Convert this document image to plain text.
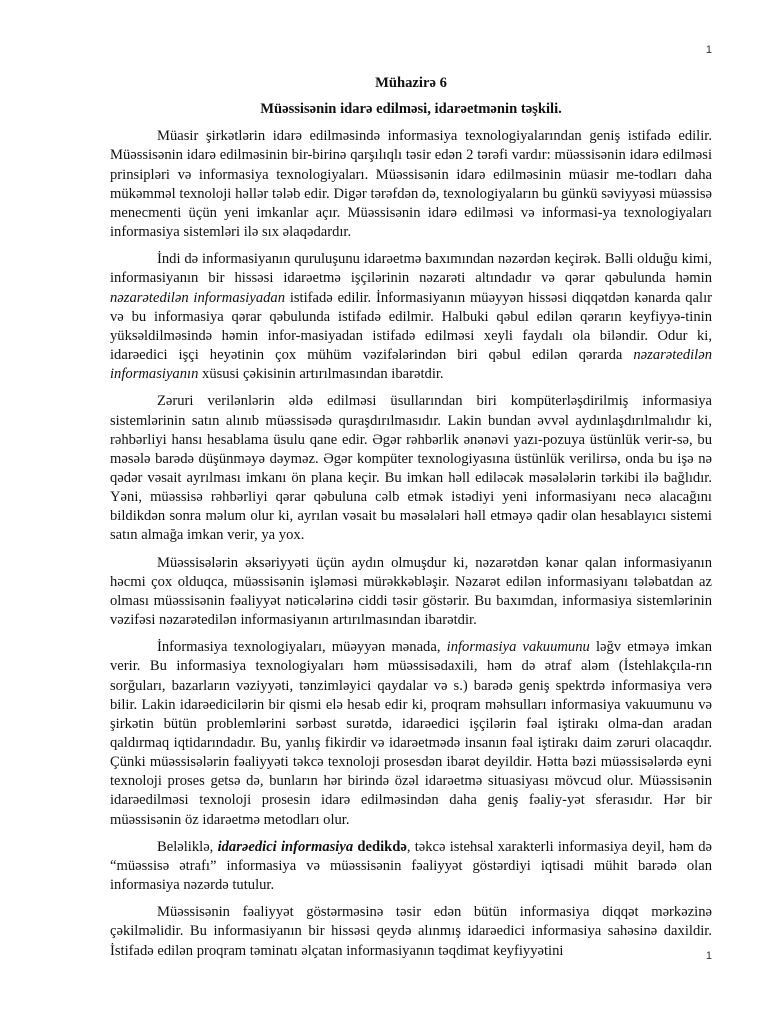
1
Mühazirə 6
Müəssisənin idarə edilməsi, idarəetmənin təşkili.

Müasir şirkətlərin idarə edilməsində informasiya texnologiyalarından geniş istifadə edilir. Müəssisənin idarə edilməsinin bir-birinə qarşılıqlı təsir edən 2 tərəfi vardır: müəssisənin idarə edilməsi prinsipləri və informasiya texnologiyaları. Müəssisənin idarə edilməsinin müasir me-todları daha mükəmməl texnoloji həllər tələb edir. Digər tərəfdən də, texnologiyaların bu günkü səviyyəsi müəssisə menecmenti üçün yeni imkanlar açır. Müəssisənin idarə edilməsi və informasi-ya texnologiyaları informasiya sistemləri ilə sıx əlaqədardır.

İndi də informasiyanın quruluşunu idarəetmə baxımından nəzərdən keçirək. Bəlli olduğu kimi, informasiyanın bir hissəsi idarəetmə işçilərinin nəzarəti altındadır və qərar qəbulunda həmin nəzarətedilən informasiyadan istifadə edilir. İnformasiyanın müəyyən hissəsi diqqətdən kənarda qalır və bu informasiya qərar qəbulunda istifadə edilmir. Halbuki qəbul edilən qərarın keyfiyyə-tinin yüksəldilməsində həmin infor-masiyadan istifadə edilməsi xeyli faydalı ola biləndir. Odur ki, idarəedici işçi heyətinin çox mühüm vəzifələrindən biri qəbul edilən qərarda nəzarətedilən informasiyanın xüsusi çəkisinin artırılmasından ibarətdir.

Zəruri verilənlərin əldə edilməsi üsullarından biri kompüterləşdirilmiş informasiya sistemlərinin satın alınıb müəssisədə quraşdırılmasıdır. Lakin bundan əvvəl aydınlaşdırılmalıdır ki, rəhbərliyi hansı hesablama üsulu qane edir. Əgər rəhbərlik ənənəvi yazı-pozuya üstünlük verir-sə, bu məsələ barədə düşünməyə dəyməz. Əgər kompüter texnologiyasına üstünlük verilirsə, onda bu işə nə qədər vəsait ayrılması imkanı ön plana keçir. Bu imkan həll ediləcək məsələlərin tərkibi ilə bağlıdır. Yəni, müəssisə rəhbərliyi qərar qəbuluna cəlb etmək istədiyi yeni informasiyanı necə alacağını bildikdən sonra məlum olur ki, ayrılan vəsait bu məsələləri həll etməyə qadir olan hesablayıcı sistemi satın almağa imkan verir, ya yox.

Müəssisələrin əksəriyyəti üçün aydın olmuşdur ki, nəzarətdən kənar qalan informasiyanın həcmi çox olduqca, müəssisənin işləməsi mürəkkəbləşir. Nəzarət edilən informasiyanı tələbatdan az olması müəssisənin fəaliyyət nəticələrinə ciddi təsir göstərir. Bu baxımdan, informasiya sistemlərinin vəzifəsi nəzarətedilən informasiyanın artırılmasından ibarətdir.

İnformasiya texnologiyaları, müəyyən mənada, informasiya vakuumunu ləğv etməyə imkan verir. Bu informasiya texnologiyaları həm müəssisədaxili, həm də ətraf aləm (İstehlakçıla-rın sorğuları, bazarların vəziyyəti, tənzimləyici qaydalar və s.) barədə geniş spektrdə informasiya verə bilir. Lakin idarəedicilərin bir qismi elə hesab edir ki, proqram məhsulları informasiya vakuumunu və şirkətin bütün problemlərini sərbəst surətdə, idarəedici işçilərin fəal iştirakı olma-dan aradan qaldırmaq iqtidarındadır. Bu, yanlış fikirdir və idarəetmədə insanın fəal iştirakı daim zəruri olacaqdır. Çünki müəssisələrin fəaliyyəti təkcə texnoloji prosesdən ibarət deyildir. Hətta bəzi müəssisələrdə eyni texnoloji proses getsə də, bunların hər birində özəl idarəetmə situasiyası mövcud olur. Müəssisənin idarəedilməsi texnoloji prosesin idarə edilməsindən daha geniş fəaliy-yət sferasıdır. Hər bir müəssisənin öz idarəetmə metodları olur.

Beləliklə, idarəedici informasiya dedikdə, təkcə istehsal xarakterli informasiya deyil, həm də “müəssisə ətrafı” informasiya və müəssisənin fəaliyyət göstərdiyi iqtisadi mühit barədə olan informasiya nəzərdə tutulur.

Müəssisənin fəaliyyət göstərməsinə təsir edən bütün informasiya diqqət mərkəzinə çəkilməlidir. Bu informasiyanın bir hissəsi qeydə alınmış idarəedici informasiya sahəsinə daxildir. İstifadə edilən proqram təminatı əlçatan informasiyanın təqdimat keyfiyyətini	1
